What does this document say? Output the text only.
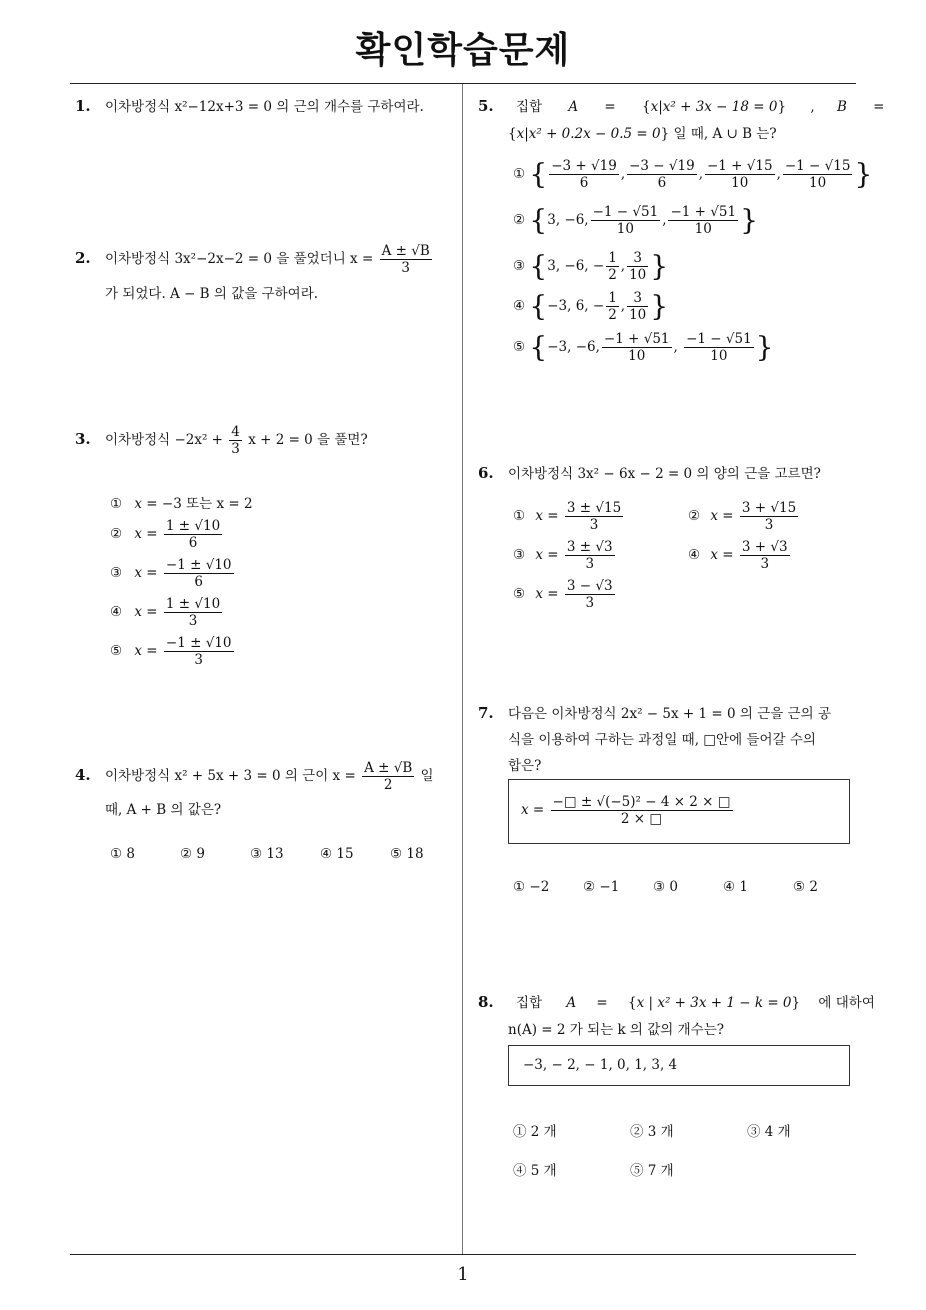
확인학습문제
1
1. 이차방정식 x²−12x+3 = 0 의 근의 개수를 구하여라.
2. 이차방정식 3x²−2x−2 = 0 을 풀었더니 $x = \frac{A \pm √B}{3}$
가 되었다. A − B 의 값을 구하여라.
3. 이차방정식 $-2x^2 + \frac{4}{3}$ x + 2 = 0 을 풀면?
① x = −3 또는 x = 2
② $x = \frac{1 \pm √10}{6}$
③ $x = \frac{-1 \pm √10}{6}$
④ $x = \frac{1 \pm √10}{3}$
⑤ $x = \frac{-1 \pm √10}{3}$
4. 이차방정식 x² + 5x + 3 = 0 의 근이 $x = \frac{A \pm √B}{2}$ 일
때, A + B 의 값은?
① 8	② 9	③ 13	④ 15	⑤ 18
5. 집합 A = {x|x² + 3x − 18 = 0} , B =
{x|x² + 0.2x − 0.5 = 0} 일 때, A ∪ B 는?
① { $\frac{-3 + √19}{6}$ , $\frac{-3 - √19}{6}$ , $\frac{-1 + √15}{10}$ , $\frac{-1 - √15}{10}$ }
② {3, −6, $\frac{-1 - √51}{10}$ , $\frac{-1 + √51}{10}$ }
③ {3, −6, − $\frac{1}{2}$ , $\frac{3}{10}$ }
④ {−3, 6, − $\frac{1}{2}$ , $\frac{3}{10}$ }
⑤ {−3, −6, $\frac{-1 + √51}{10}$ , $\frac{-1 - √51}{10}$ }
6. 이차방정식 3x² − 6x − 2 = 0 의 양의 근을 고르면?
① $x = \frac{3 \pm √15}{3}$	② $x = \frac{3 + √15}{3}$
③ $x = \frac{3 \pm √3}{3}$	④ $x = \frac{3 + √3}{3}$
⑤ $x = \frac{3 - √3}{3}$
7. 다음은 이차방정식 2x² − 5x + 1 = 0 의 근을 근의 공
식을 이용하여 구하는 과정일 때, □안에 들어갈 수의
합은?
$x = \frac{\text{−□ ± √(−5)² − 4 × 2 × □}}{2 \times □}$
① −2 ② −1 ③ 0	④ 1	⑤ 2
8. 집합 A = {x | x² + 3x + 1 − k = 0} 에 대하여
n(A) = 2 가 되는 k 의 값의 개수는?
−3, − 2, − 1, 0, 1, 3, 4
① 2 개	② 3 개	③ 4 개
④ 5 개	⑤ 7 개
